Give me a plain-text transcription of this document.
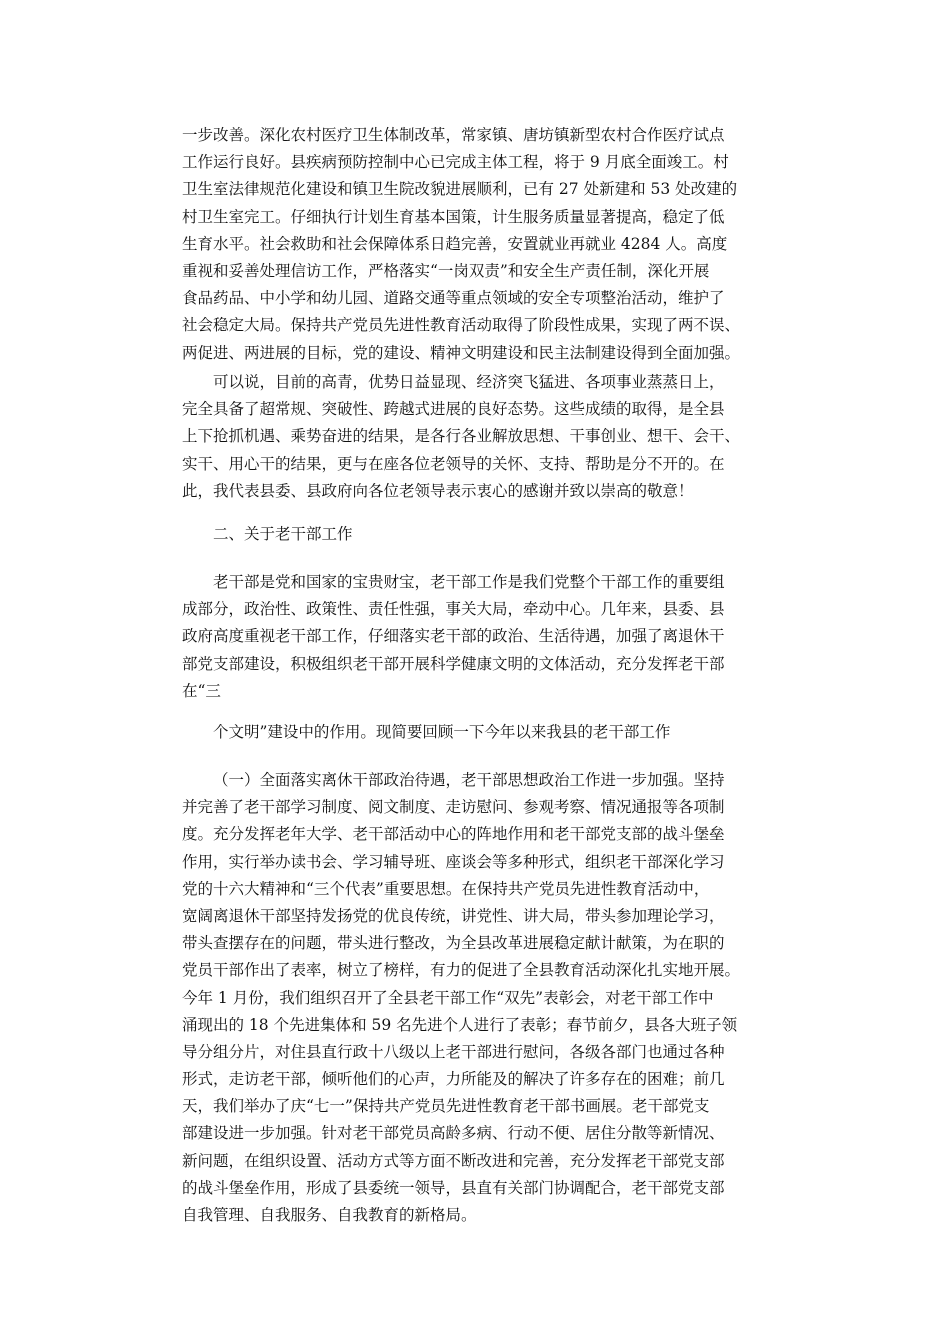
一步改善。深化农村医疗卫生体制改革，常家镇、唐坊镇新型农村合作医疗试点
工作运行良好。县疾病预防控制中心已完成主体工程，将于 9 月底全面竣工。村
卫生室法律规范化建设和镇卫生院改貌进展顺利，已有 27 处新建和 53 处改建的
村卫生室完工。仔细执行计划生育基本国策，计生服务质量显著提高，稳定了低
生育水平。社会救助和社会保障体系日趋完善，安置就业再就业 4284 人。高度
重视和妥善处理信访工作，严格落实“一岗双责”和安全生产责任制，深化开展
食品药品、中小学和幼儿园、道路交通等重点领域的安全专项整治活动，维护了
社会稳定大局。保持共产党员先进性教育活动取得了阶段性成果，实现了两不误、
两促进、两进展的目标，党的建设、精神文明建设和民主法制建设得到全面加强。
可以说，目前的高青，优势日益显现、经济突飞猛进、各项事业蒸蒸日上，
完全具备了超常规、突破性、跨越式进展的良好态势。这些成绩的取得，是全县
上下抢抓机遇、乘势奋进的结果，是各行各业解放思想、干事创业、想干、会干、
实干、用心干的结果，更与在座各位老领导的关怀、支持、帮助是分不开的。在
此，我代表县委、县政府向各位老领导表示衷心的感谢并致以崇高的敬意！
二、关于老干部工作
老干部是党和国家的宝贵财宝，老干部工作是我们党整个干部工作的重要组
成部分，政治性、政策性、责任性强，事关大局，牵动中心。几年来，县委、县
政府高度重视老干部工作，仔细落实老干部的政治、生活待遇，加强了离退休干
部党支部建设，积极组织老干部开展科学健康文明的文体活动，充分发挥老干部
在“三
个文明”建设中的作用。现简要回顾一下今年以来我县的老干部工作
（一）全面落实离休干部政治待遇，老干部思想政治工作进一步加强。坚持
并完善了老干部学习制度、阅文制度、走访慰问、参观考察、情况通报等各项制
度。充分发挥老年大学、老干部活动中心的阵地作用和老干部党支部的战斗堡垒
作用，实行举办读书会、学习辅导班、座谈会等多种形式，组织老干部深化学习
党的十六大精神和“三个代表”重要思想。在保持共产党员先进性教育活动中，
宽阔离退休干部坚持发扬党的优良传统，讲党性、讲大局，带头参加理论学习，
带头查摆存在的问题，带头进行整改，为全县改革进展稳定献计献策，为在职的
党员干部作出了表率，树立了榜样，有力的促进了全县教育活动深化扎实地开展。
今年 1 月份，我们组织召开了全县老干部工作“双先”表彰会，对老干部工作中
涌现出的 18 个先进集体和 59 名先进个人进行了表彰；春节前夕，县各大班子领
导分组分片，对住县直行政十八级以上老干部进行慰问，各级各部门也通过各种
形式，走访老干部，倾听他们的心声，力所能及的解决了许多存在的困难；前几
天，我们举办了庆“七一”保持共产党员先进性教育老干部书画展。老干部党支
部建设进一步加强。针对老干部党员高龄多病、行动不便、居住分散等新情况、
新问题，在组织设置、活动方式等方面不断改进和完善，充分发挥老干部党支部
的战斗堡垒作用，形成了县委统一领导，县直有关部门协调配合，老干部党支部
自我管理、自我服务、自我教育的新格局。
